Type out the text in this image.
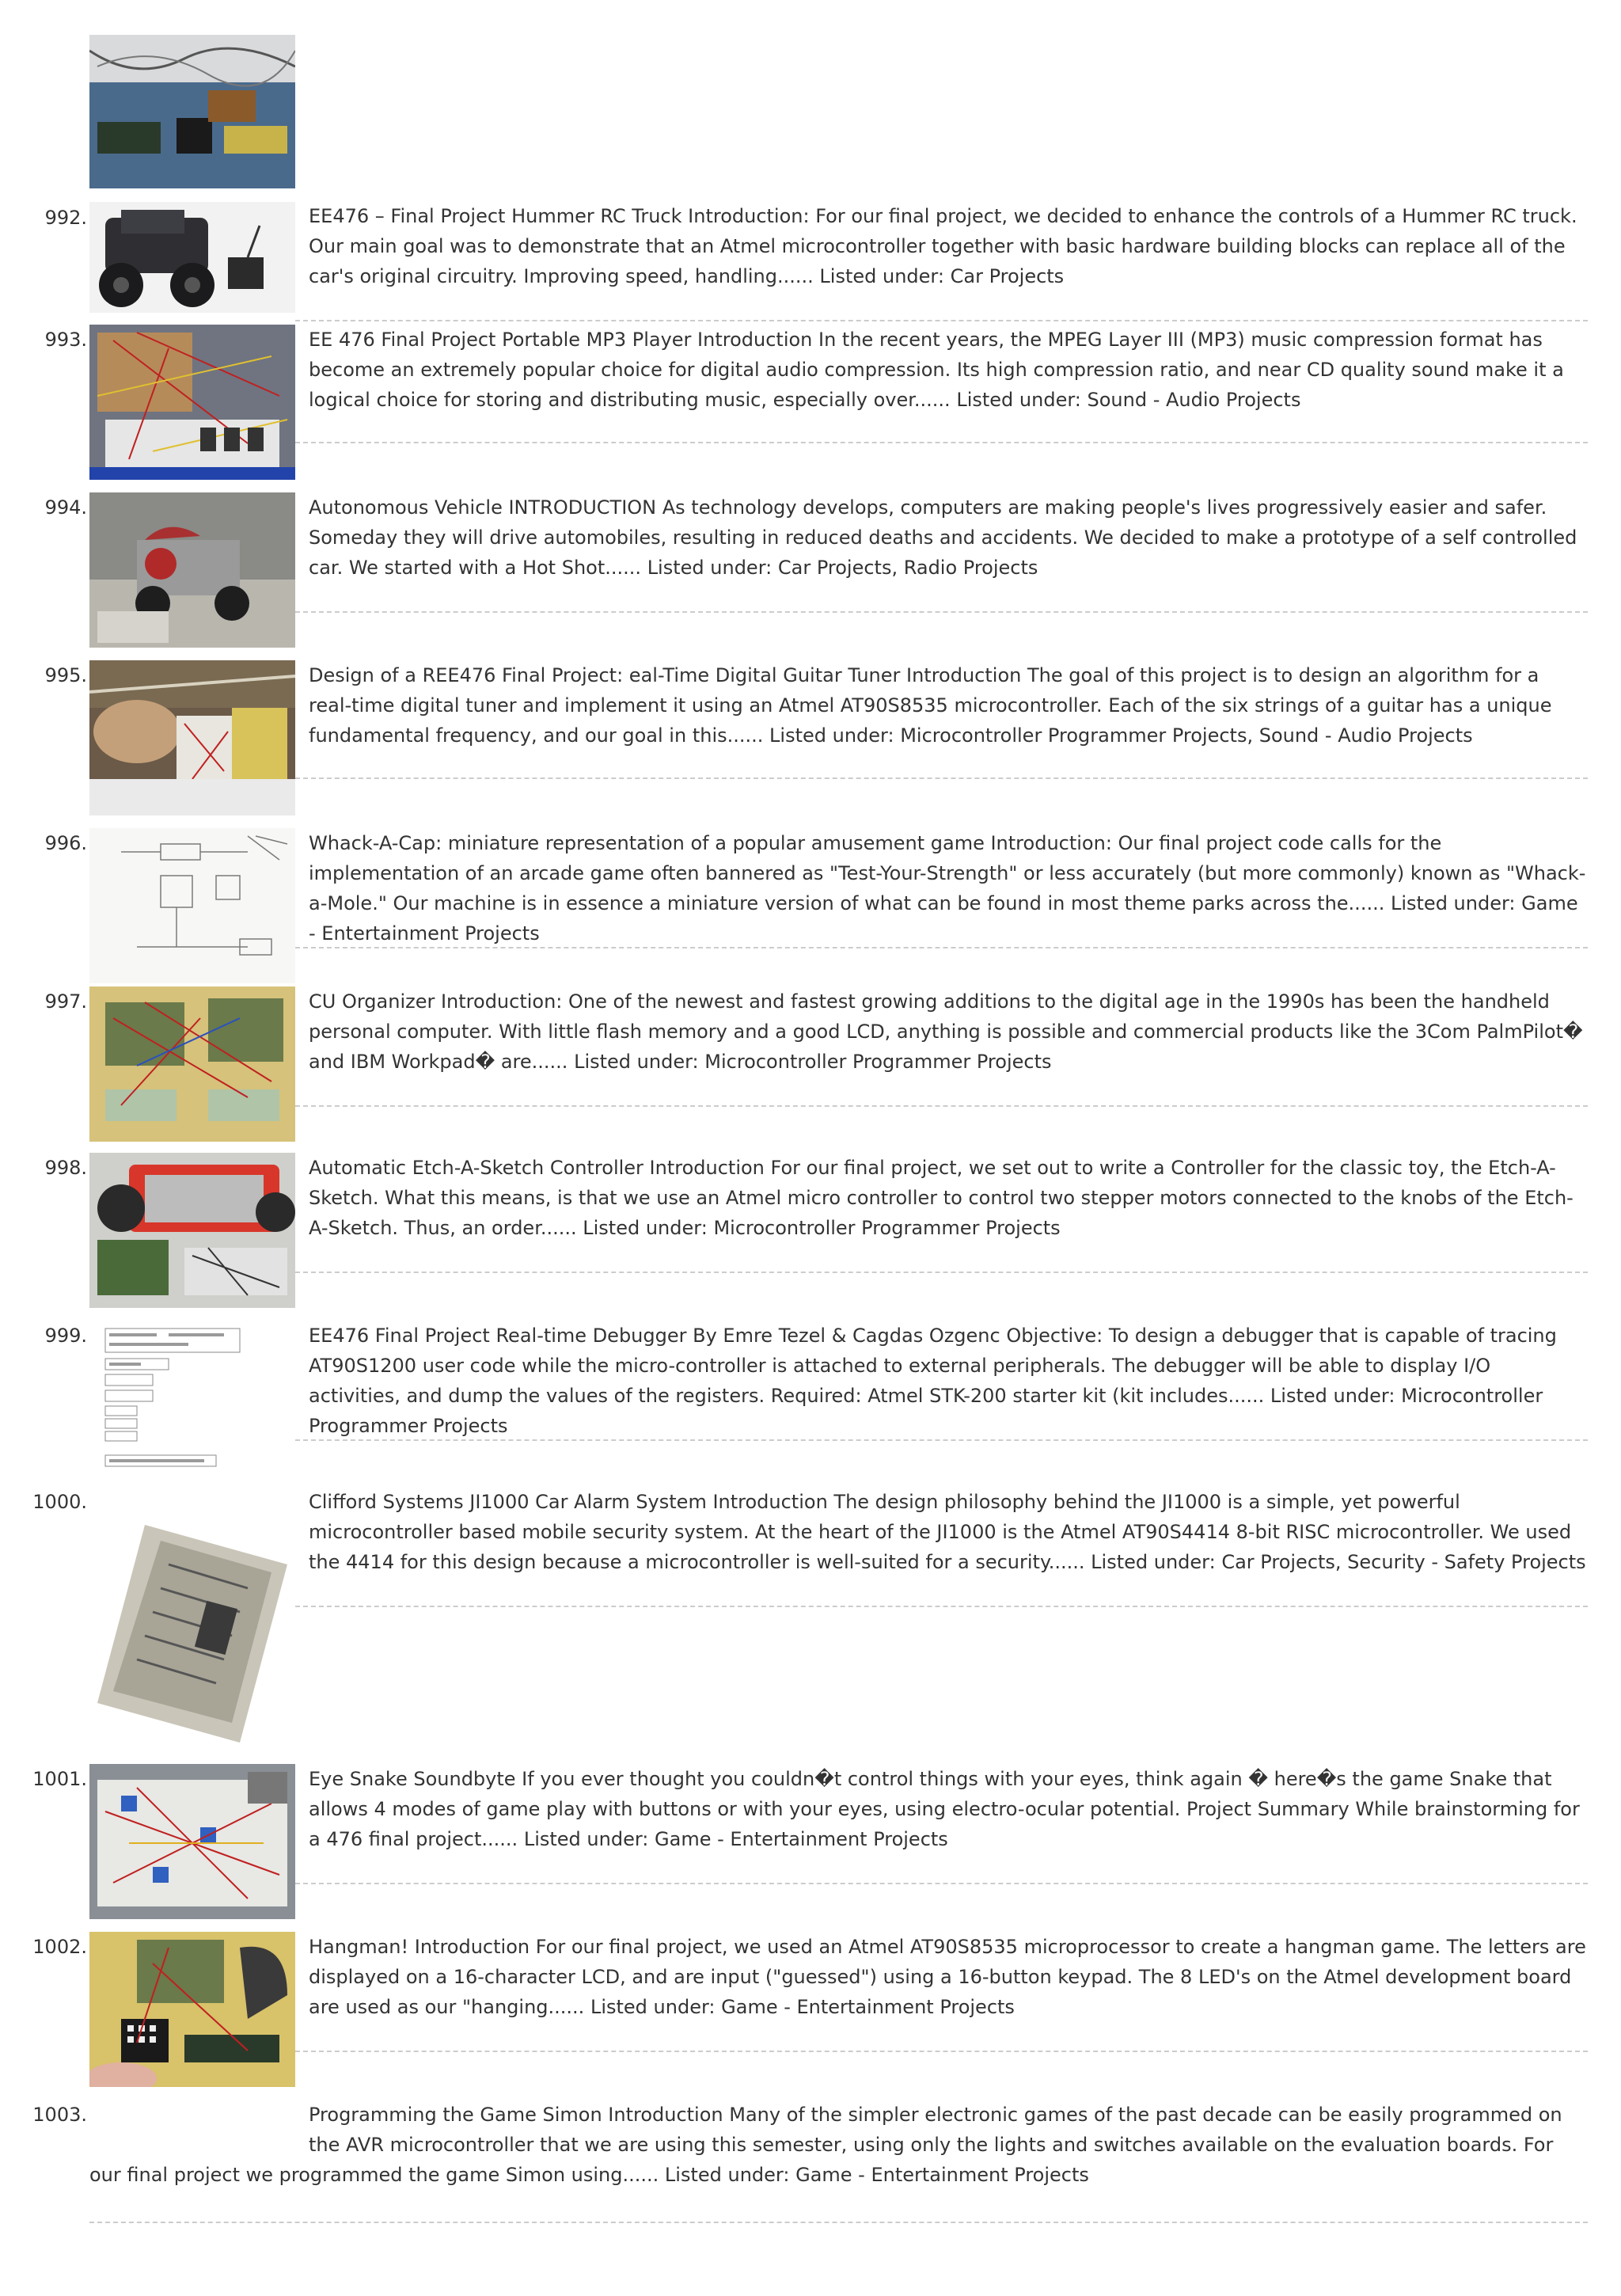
992.	EE476 – Final Project Hummer RC Truck Introduction: For our final project, we decided to enhance the controls of a Hummer RC truck. Our main goal was to demonstrate that an Atmel microcontroller together with basic hardware building blocks can replace all of the car's original circuitry. Improving speed, handling...... Listed under: Car Projects
993.	EE 476 Final Project Portable MP3 Player Introduction In the recent years, the MPEG Layer III (MP3) music compression format has become an extremely popular choice for digital audio compression. Its high compression ratio, and near CD quality sound make it a logical choice for storing and distributing music, especially over...... Listed under: Sound - Audio Projects
994.	Autonomous Vehicle INTRODUCTION As technology develops, computers are making people's lives progressively easier and safer. Someday they will drive automobiles, resulting in reduced deaths and accidents. We decided to make a prototype of a self controlled car. We started with a Hot Shot...... Listed under: Car Projects, Radio Projects
995.	Design of a REE476 Final Project: eal-Time Digital Guitar Tuner Introduction The goal of this project is to design an algorithm for a real-time digital tuner and implement it using an Atmel AT90S8535 microcontroller. Each of the six strings of a guitar has a unique fundamental frequency, and our goal in this...... Listed under: Microcontroller Programmer Projects, Sound - Audio Projects
996.	Whack-A-Cap: miniature representation of a popular amusement game Introduction: Our final project code calls for the implementation of an arcade game often bannered as "Test-Your-Strength" or less accurately (but more commonly) known as "Whack-a-Mole." Our machine is in essence a miniature version of what can be found in most theme parks across the...... Listed under: Game - Entertainment Projects
997.	CU Organizer Introduction: One of the newest and fastest growing additions to the digital age in the 1990s has been the handheld personal computer. With little flash memory and a good LCD, anything is possible and commercial products like the 3Com PalmPilot� and IBM Workpad� are...... Listed under: Microcontroller Programmer Projects
998.	Automatic Etch-A-Sketch Controller Introduction For our final project, we set out to write a Controller for the classic toy, the Etch-A-Sketch. What this means, is that we use an Atmel micro controller to control two stepper motors connected to the knobs of the Etch-A-Sketch. Thus, an order...... Listed under: Microcontroller Programmer Projects
999.	EE476 Final Project Real-time Debugger By Emre Tezel & Cagdas Ozgenc Objective: To design a debugger that is capable of tracing AT90S1200 user code while the micro-controller is attached to external peripherals. The debugger will be able to display I/O activities, and dump the values of the registers. Required: Atmel STK-200 starter kit (kit includes...... Listed under: Microcontroller Programmer Projects
1000.	Clifford Systems JI1000 Car Alarm System Introduction The design philosophy behind the JI1000 is a simple, yet powerful microcontroller based mobile security system. At the heart of the JI1000 is the Atmel AT90S4414 8-bit RISC microcontroller. We used the 4414 for this design because a microcontroller is well-suited for a security...... Listed under: Car Projects, Security - Safety Projects
1001.	Eye Snake Soundbyte If you ever thought you couldn�t control things with your eyes, think again � here�s the game Snake that allows 4 modes of game play with buttons or with your eyes, using electro-ocular potential. Project Summary While brainstorming for a 476 final project...... Listed under: Game - Entertainment Projects
1002.	Hangman! Introduction For our final project, we used an Atmel AT90S8535 microprocessor to create a hangman game. The letters are displayed on a 16-character LCD, and are input ("guessed") using a 16-button keypad. The 8 LED's on the Atmel development board are used as our "hanging...... Listed under: Game - Entertainment Projects
1003.	Programming the Game Simon Introduction Many of the simpler electronic games of the past decade can be easily programmed on the AVR microcontroller that we are using this semester, using only the lights and switches available on the evaluation boards. For our final project we programmed the game Simon using...... Listed under: Game - Entertainment Projects
